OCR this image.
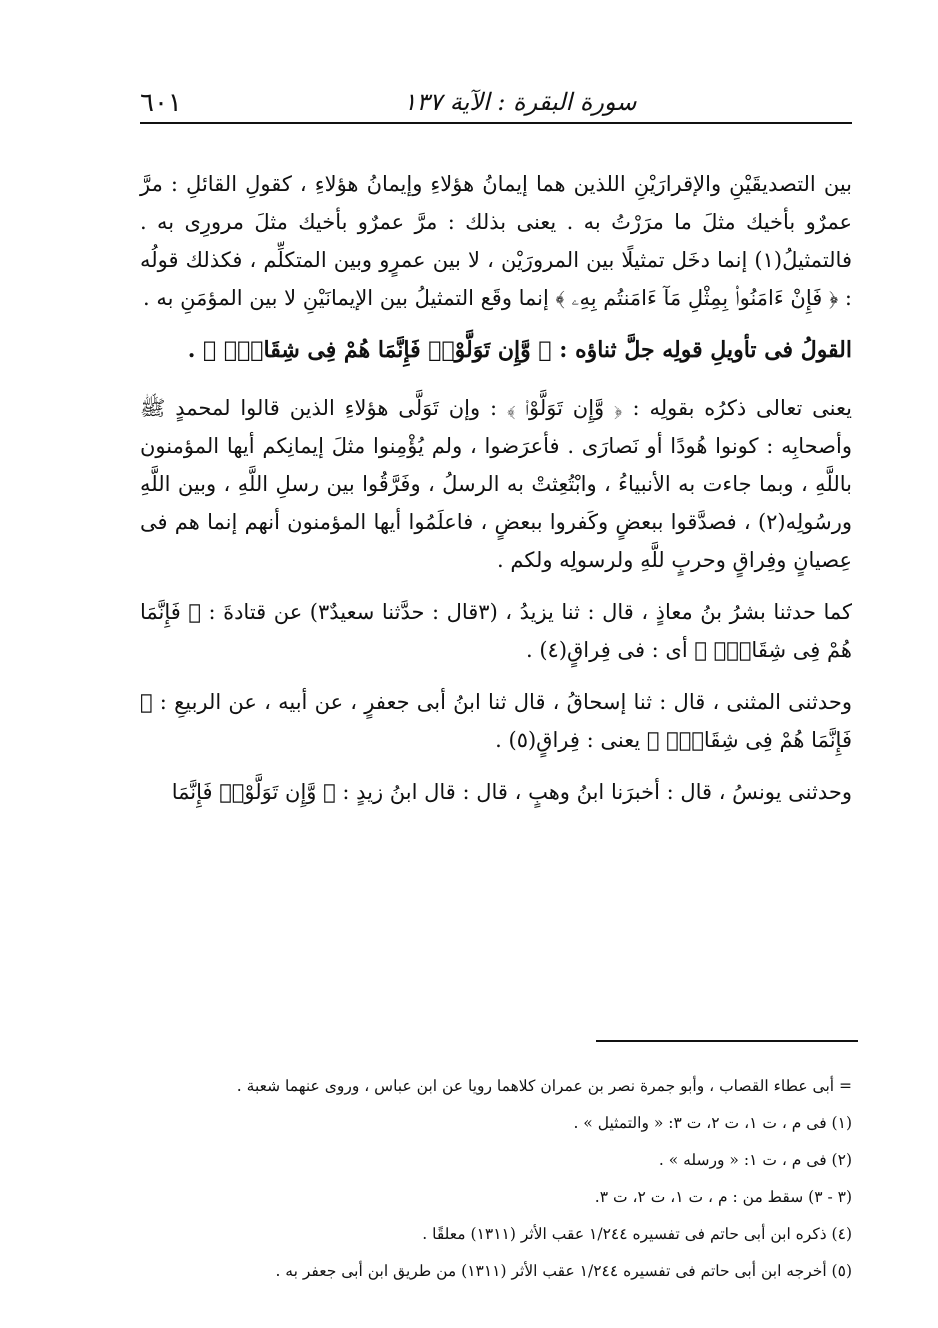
٦٠١	سورة البقرة : الآية ١٣٧

بين التصديقَيْنِ والإقرارَيْنِ اللذين هما إيمانُ هؤلاءِ وإيمانُ هؤلاءِ ، كقولِ القائلِ : مرَّ عمرٌو بأخيك مثلَ ما مرَرْتُ به . يعنى بذلك : مرَّ عمرٌو بأخيك مثلَ مرورِى به . فالتمثيلُ(١) إنما دخَل تمثيلًا بين المرورَيْن ، لا بين عمرٍو وبين المتكلِّم ، فكذلك قولُه : ﴿ فَإِنْ ءَامَنُوا۟ بِمِثْلِ مَآ ءَامَنتُم بِهِۦ ﴾ إنما وقَع التمثيلُ بين الإيمانَيْنِ لا بين المؤمَنِ به .

القولُ فى تأويلِ قولِه جلَّ ثناؤه : ﴿ وَّإِن تَوَلَّوْا۟ فَإِنَّمَا هُمْ فِى شِقَاقٍۢ ﴾ .

يعنى تعالى ذكرُه بقولِه : ﴿ وَّإِن تَوَلَّوْا۟ ﴾ : وإن تَوَلَّى هؤلاءِ الذين قالوا لمحمدٍ ﷺ وأصحابِه : كونوا هُودًا أو نَصارَى . فأعرَضوا ، ولم يُؤْمِنوا مثلَ إيمانِكم أيها المؤمنون باللَّهِ ، وبما جاءت به الأنبياءُ ، وابْتُعِثتْ به الرسلُ ، وفَرَّقُوا بين رسلِ اللَّهِ ، وبين اللَّهِ ورسُولِه(٢) ، فصدَّقوا ببعضٍ وكَفروا ببعضٍ ، فاعلَمُوا أيها المؤمنون أنهم إنما هم فى عِصيانٍ وفِراقٍ وحربٍ للَّهِ ولرسولِه ولكم .

كما حدثنا بشرُ بنُ معاذٍ ، قال : ثنا يزيدُ ، (٣قال : حدَّثنا سعيدٌ٣) عن قتادةَ : ﴿ فَإِنَّمَا هُمْ فِى شِقَاقٍۢ ﴾ أى : فى فِراقٍ(٤) .

وحدثنى المثنى ، قال : ثنا إسحاقُ ، قال ثنا ابنُ أبى جعفرٍ ، عن أبيه ، عن الربيعِ : ﴿ فَإِنَّمَا هُمْ فِى شِقَاقٍۢ ﴾ يعنى : فِراقٍ(٥) .

وحدثنى يونسُ ، قال : أخبرَنا ابنُ وهبٍ ، قال : قال ابنُ زيدٍ : ﴿ وَّإِن تَوَلَّوْا۟ فَإِنَّمَا

= أبى عطاء القصاب ، وأبو جمرة نصر بن عمران كلاهما رويا عن ابن عباس ، وروى عنهما شعبة .
(١) فى م ، ت ١، ت ٢، ت ٣: « والتمثيل » .
(٢) فى م ، ت ١: « ورسله » .
(٣ - ٣) سقط من : م ، ت ١، ت ٢، ت ٣.
(٤) ذكره ابن أبى حاتم فى تفسيره ١/٢٤٤ عقب الأثر (١٣١١) معلقًا .
(٥) أخرجه ابن أبى حاتم فى تفسيره ١/٢٤٤ عقب الأثر (١٣١١) من طريق ابن أبى جعفر به .
